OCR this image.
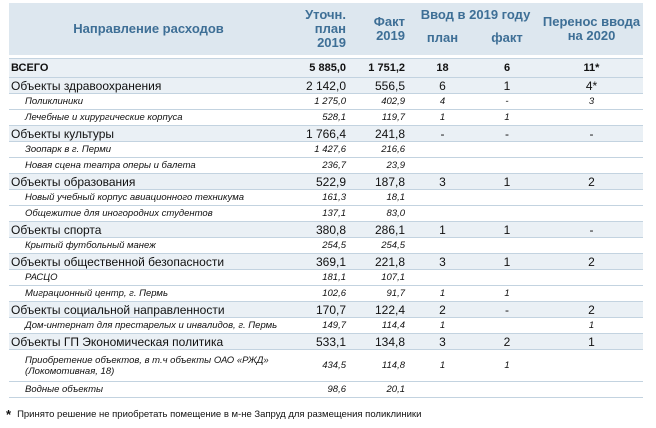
Направление расходов	Уточн. план 2019	Факт 2019	Ввод в 2019 году		Перенос ввода на 2020
			план	факт	

ВСЕГО	5 885,0	1 751,2	18	6	11*
Объекты здравоохранения	2 142,0	556,5	6	1	4*
Поликлиники	1 275,0	402,9	4	-	3
Лечебные и хирургические корпуса	528,1	119,7	1	1	
Объекты культуры	1 766,4	241,8	-	-	-
Зоопарк в г. Перми	1 427,6	216,6			
Новая сцена театра оперы и балета	236,7	23,9			
Объекты образования	522,9	187,8	3	1	2
Новый учебный корпус авиационного техникума	161,3	18,1			
Общежитие для иногородних студентов	137,1	83,0			
Объекты спорта	380,8	286,1	1	1	-
Крытый футбольный манеж	254,5	254,5			
Объекты общественной безопасности	369,1	221,8	3	1	2
РАСЦО	181,1	107,1			
Миграционный центр, г. Пермь	102,6	91,7	1	1	
Объекты социальной направленности	170,7	122,4	2	-	2
Дом-интернат для престарелых и инвалидов, г. Пермь	149,7	114,4	1		1
Объекты ГП Экономическая политика	533,1	134,8	3	2	1
Приобретение объектов, в т.ч объекты ОАО «РЖД» (Локомотивная, 18)	434,5	114,8	1	1	
Водные объекты	98,6	20,1			
* Принято решение не приобретать помещение в м-не Запруд для размещения поликлиники
